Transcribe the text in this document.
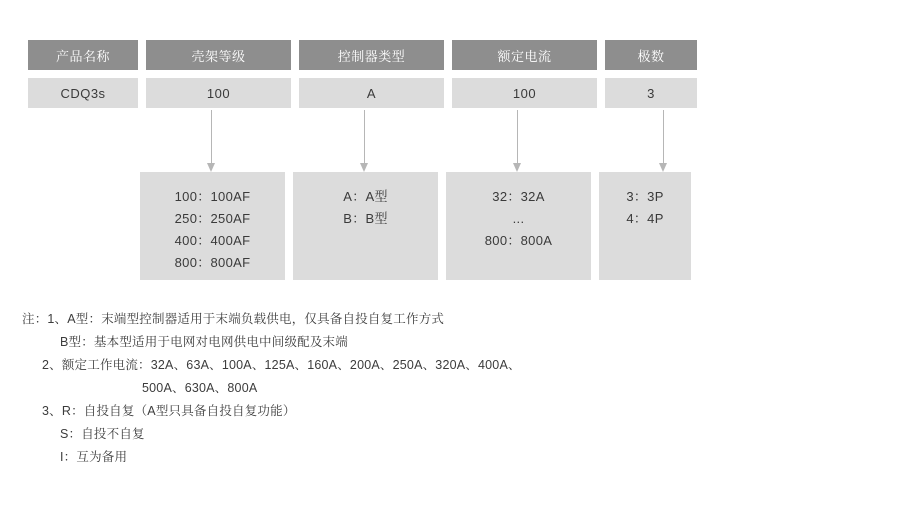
产品名称
CDQ3s
壳架等级
100
控制器类型
A
额定电流
100
极数
3
100：100AF
250：250AF
400：400AF
800：800AF
A：A型
B：B型
32：32A
...
800：800A
3：3P
4：4P
注：1、A型：末端型控制器适用于末端负载供电，仅具备自投自复工作方式
B型：基本型适用于电网对电网供电中间级配及末端
2、额定工作电流：32A、63A、100A、125A、160A、200A、250A、320A、400A、
500A、630A、800A
3、R：自投自复（A型只具备自投自复功能）
S：自投不自复
I：互为备用
